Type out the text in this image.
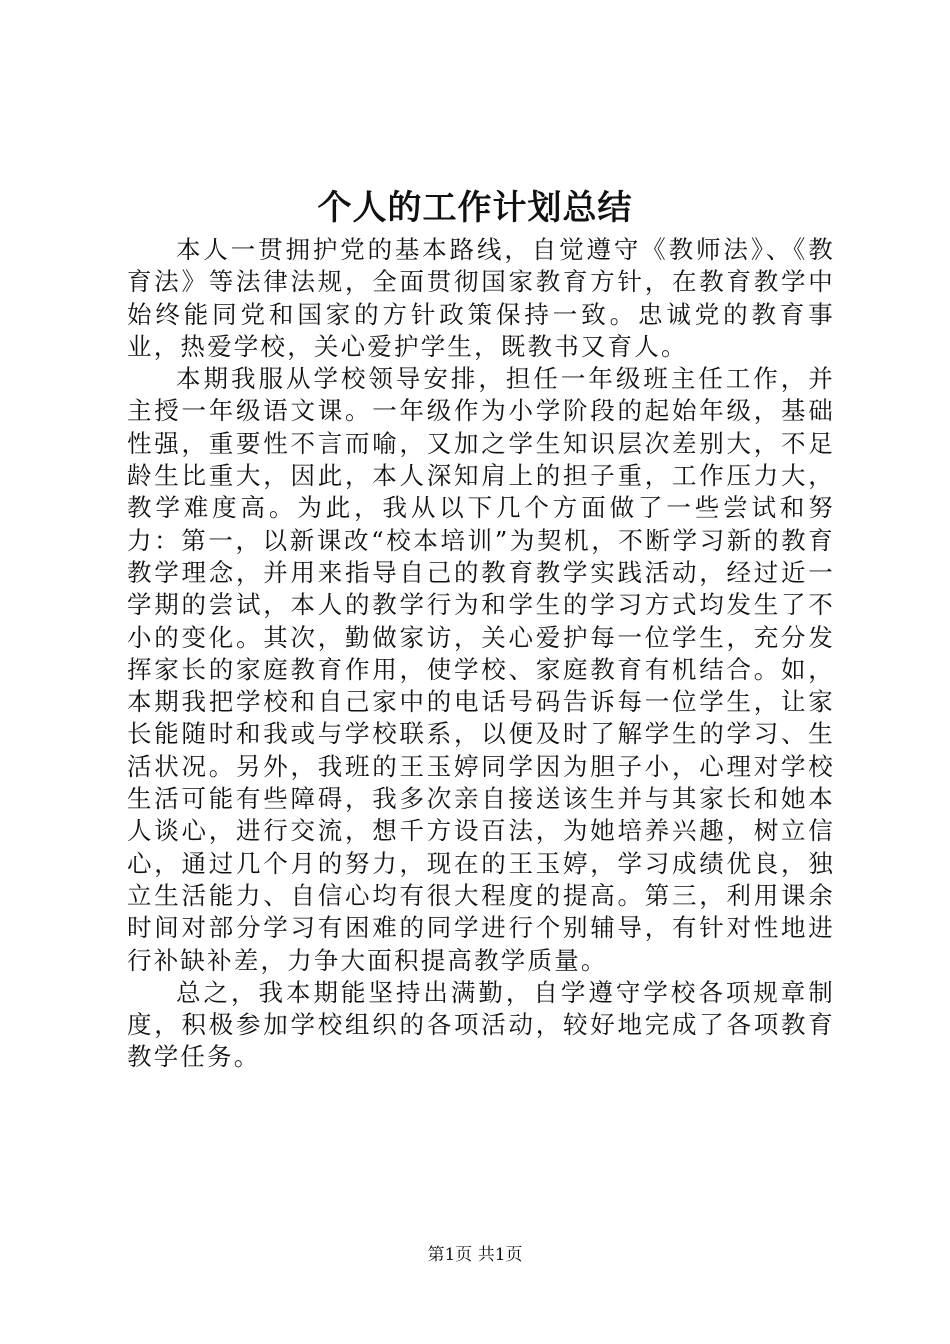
个人的工作计划总结

本人一贯拥护党的基本路线，自觉遵守《教师法》、《教育法》等法律法规，全面贯彻国家教育方针，在教育教学中始终能同党和国家的方针政策保持一致。忠诚党的教育事业，热爱学校，关心爱护学生，既教书又育人。

本期我服从学校领导安排，担任一年级班主任工作，并主授一年级语文课。一年级作为小学阶段的起始年级，基础性强，重要性不言而喻，又加之学生知识层次差别大，不足龄生比重大，因此，本人深知肩上的担子重，工作压力大，教学难度高。为此，我从以下几个方面做了一些尝试和努力：第一，以新课改“校本培训”为契机，不断学习新的教育教学理念，并用来指导自己的教育教学实践活动，经过近一学期的尝试，本人的教学行为和学生的学习方式均发生了不小的变化。其次，勤做家访，关心爱护每一位学生，充分发挥家长的家庭教育作用，使学校、家庭教育有机结合。如，本期我把学校和自己家中的电话号码告诉每一位学生，让家长能随时和我或与学校联系，以便及时了解学生的学习、生活状况。另外，我班的王玉婷同学因为胆子小，心理对学校生活可能有些障碍，我多次亲自接送该生并与其家长和她本人谈心，进行交流，想千方设百法，为她培养兴趣，树立信心，通过几个月的努力，现在的王玉婷，学习成绩优良，独立生活能力、自信心均有很大程度的提高。第三，利用课余时间对部分学习有困难的同学进行个别辅导，有针对性地进行补缺补差，力争大面积提高教学质量。

总之，我本期能坚持出满勤，自学遵守学校各项规章制度，积极参加学校组织的各项活动，较好地完成了各项教育教学任务。

第1页 共1页
